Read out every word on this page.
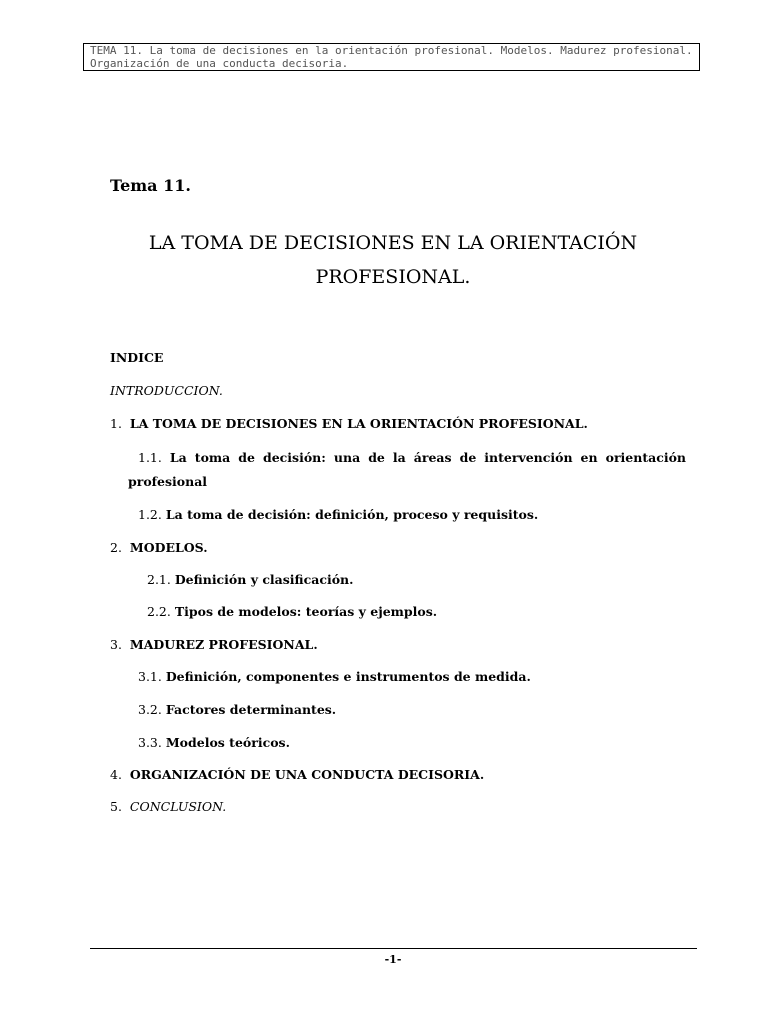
TEMA 11. La toma de decisiones en la orientación profesional. Modelos. Madurez profesional.
Organización de una conducta decisoria.
Tema 11.
LA TOMA DE DECISIONES EN LA ORIENTACIÓN
PROFESIONAL.
INDICE
INTRODUCCION.
1. LA TOMA DE DECISIONES EN LA ORIENTACIÓN PROFESIONAL.
1.1. La toma de decisión: una de la áreas de intervención en orientación
profesional
1.2. La toma de decisión: definición, proceso y requisitos.
2. MODELOS.
2.1. Definición y clasificación.
2.2. Tipos de modelos: teorías y ejemplos.
3. MADUREZ PROFESIONAL.
3.1. Definición, componentes e instrumentos de medida.
3.2. Factores determinantes.
3.3. Modelos teóricos.
4. ORGANIZACIÓN DE UNA CONDUCTA DECISORIA.
5. CONCLUSION.
-1-
